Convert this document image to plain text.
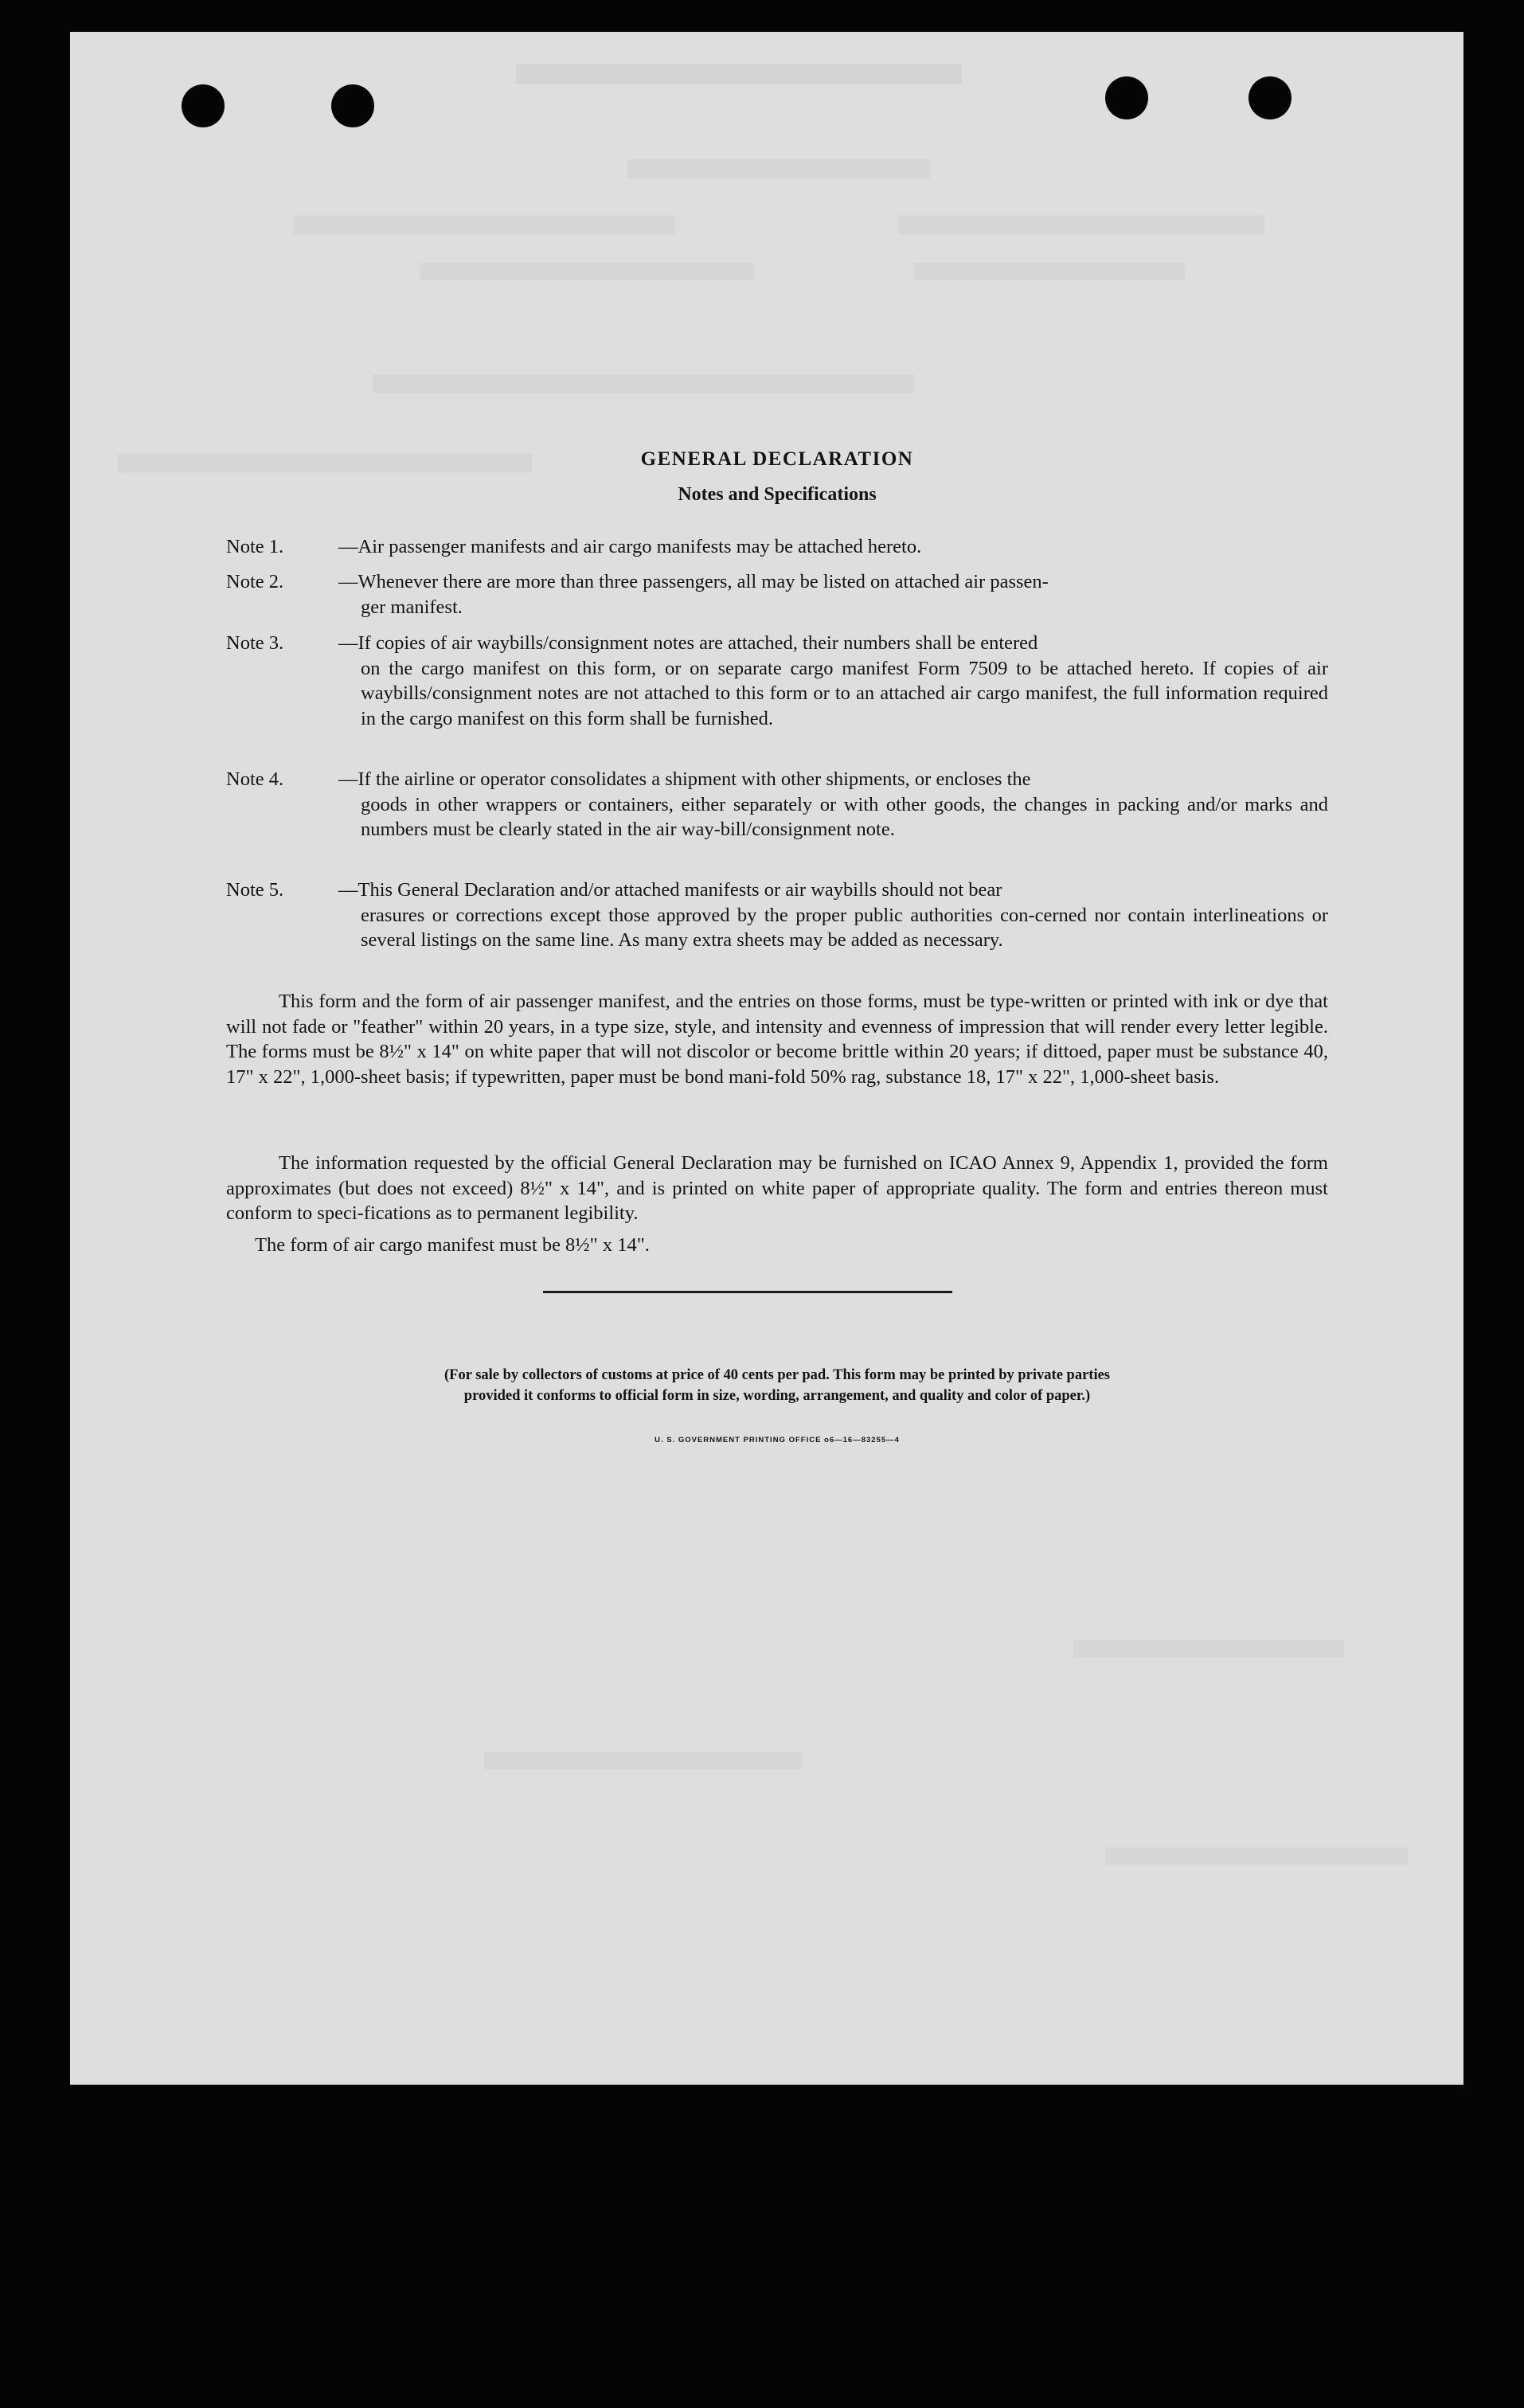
GENERAL DECLARATION
Notes and Specifications
Note 1.	—Air passenger manifests and air cargo manifests may be attached hereto.
Note 2.	—Whenever there are more than three passengers, all may be listed on attached air passen-
ger manifest.
Note 3.	—If copies of air waybills/consignment notes are attached, their numbers shall be entered
on the cargo manifest on this form, or on separate cargo manifest Form 7509 to be attached hereto. If copies of air waybills/consignment notes are not attached to this form or to an attached air cargo manifest, the full information required in the cargo manifest on this form shall be furnished.
Note 4.	—If the airline or operator consolidates a shipment with other shipments, or encloses the
goods in other wrappers or containers, either separately or with other goods, the changes in packing and/or marks and numbers must be clearly stated in the air way-bill/consignment note.
Note 5.	—This General Declaration and/or attached manifests or air waybills should not bear
erasures or corrections except those approved by the proper public authorities con-cerned nor contain interlineations or several listings on the same line. As many extra sheets may be added as necessary.
This form and the form of air passenger manifest, and the entries on those forms, must be type-written or printed with ink or dye that will not fade or "feather" within 20 years, in a type size, style, and intensity and evenness of impression that will render every letter legible. The forms must be 8½" x 14" on white paper that will not discolor or become brittle within 20 years; if dittoed, paper must be substance 40, 17" x 22", 1,000-sheet basis; if typewritten, paper must be bond mani-fold 50% rag, substance 18, 17" x 22", 1,000-sheet basis.
The information requested by the official General Declaration may be furnished on ICAO Annex 9, Appendix 1, provided the form approximates (but does not exceed) 8½" x 14", and is printed on white paper of appropriate quality. The form and entries thereon must conform to speci-fications as to permanent legibility.
The form of air cargo manifest must be 8½" x 14".
(For sale by collectors of customs at price of 40 cents per pad. This form may be printed by private parties
provided it conforms to official form in size, wording, arrangement, and quality and color of paper.)
U. S. GOVERNMENT PRINTING OFFICE o6—16—83255—4
